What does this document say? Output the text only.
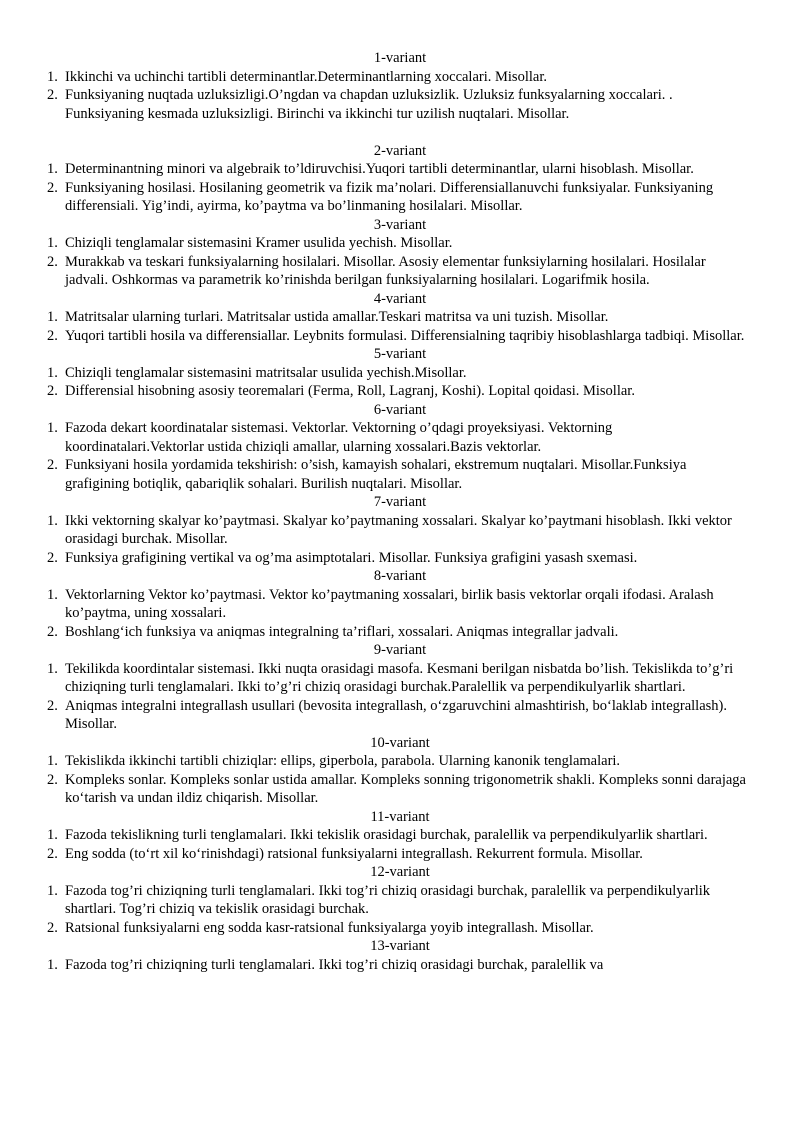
1-variant
1. Ikkinchi va uchinchi tartibli determinantlar.Determinantlarning xoccalari. Misollar.
2. Funksiyaning nuqtada uzluksizligi.O’ngdan va chapdan uzluksizlik. Uzluksiz funksyalarning xoccalari. . Funksiyaning kesmada uzluksizligi. Birinchi va ikkinchi tur uzilish nuqtalari. Misollar.
2-variant
1. Determinantning minori va algebraik to’ldiruvchisi.Yuqori tartibli determinantlar, ularni hisoblash. Misollar.
2. Funksiyaning hosilasi. Hosilaning geometrik va fizik ma’nolari. Differensiallanuvchi funksiyalar. Funksiyaning differensiali. Yig’indi, ayirma, ko’paytma va bo’linmaning hosilalari. Misollar.
3-variant
1. Chiziqli tenglamalar sistemasini Kramer usulida yechish. Misollar.
2. Murakkab va teskari funksiyalarning hosilalari. Misollar. Asosiy elementar funksiylarning hosilalari. Hosilalar jadvali. Oshkormas va parametrik ko’rinishda berilgan funksiyalarning hosilalari. Logarifmik hosila.
4-variant
1. Matritsalar ularning turlari. Matritsalar ustida amallar.Teskari matritsa va uni tuzish. Misollar.
2. Yuqori tartibli hosila va differensiallar. Leybnits formulasi. Differensialning taqribiy hisoblashlarga tadbiqi. Misollar.
5-variant
1. Chiziqli tenglamalar sistemasini matritsalar usulida yechish.Misollar.
2. Differensial hisobning asosiy teoremalari (Ferma, Roll, Lagranj, Koshi). Lopital qoidasi. Misollar.
6-variant
1. Fazoda dekart koordinatalar sistemasi. Vektorlar. Vektorning o’qdagi proyeksiyasi. Vektorning koordinatalari.Vektorlar ustida chiziqli amallar, ularning xossalari.Bazis vektorlar.
2. Funksiyani hosila yordamida tekshirish: o’sish, kamayish sohalari, ekstremum nuqtalari. Misollar.Funksiya grafigining botiqlik, qabariqlik sohalari. Burilish nuqtalari. Misollar.
7-variant
1. Ikki vektorning skalyar ko’paytmasi. Skalyar ko’paytmaning xossalari. Skalyar ko’paytmani hisoblash. Ikki vektor orasidagi burchak. Misollar.
2. Funksiya grafigining vertikal va og’ma asimptotalari. Misollar. Funksiya grafigini yasash sxemasi.
8-variant
1. Vektorlarning Vektor ko’paytmasi. Vektor ko’paytmaning xossalari, birlik basis vektorlar orqali ifodasi. Aralash ko’paytma, uning xossalari.
2. Boshlang‘ich funksiya va aniqmas integralning ta’riflari, xossalari. Aniqmas integrallar jadvali.
9-variant
1. Tekilikda koordintalar sistemasi. Ikki nuqta orasidagi masofa. Kesmani berilgan nisbatda bo’lish. Tekislikda to’g’ri chiziqning turli tenglamalari. Ikki to’g’ri chiziq orasidagi burchak.Paralellik va perpendikulyarlik shartlari.
2. Aniqmas integralni integrallash usullari (bevosita integrallash, o‘zgaruvchini almashtirish, bo‘laklab integrallash). Misollar.
10-variant
1. Tekislikda ikkinchi tartibli chiziqlar: ellips, giperbola, parabola. Ularning kanonik tenglamalari.
2. Kompleks sonlar. Kompleks sonlar ustida amallar. Kompleks sonning trigonometrik shakli. Kompleks sonni darajaga ko‘tarish va undan ildiz chiqarish. Misollar.
11-variant
1. Fazoda tekislikning turli tenglamalari. Ikki tekislik orasidagi burchak, paralellik va perpendikulyarlik shartlari.
2. Eng sodda (to‘rt xil ko‘rinishdagi) ratsional funksiyalarni integrallash. Rekurrent formula. Misollar.
12-variant
1. Fazoda tog’ri chiziqning turli tenglamalari. Ikki tog’ri chiziq orasidagi burchak, paralellik va perpendikulyarlik shartlari. Tog’ri chiziq va tekislik orasidagi burchak.
2. Ratsional funksiyalarni eng sodda kasr-ratsional funksiyalarga yoyib integrallash. Misollar.
13-variant
1. Fazoda tog’ri chiziqning turli tenglamalari. Ikki tog’ri chiziq orasidagi burchak, paralellik va
